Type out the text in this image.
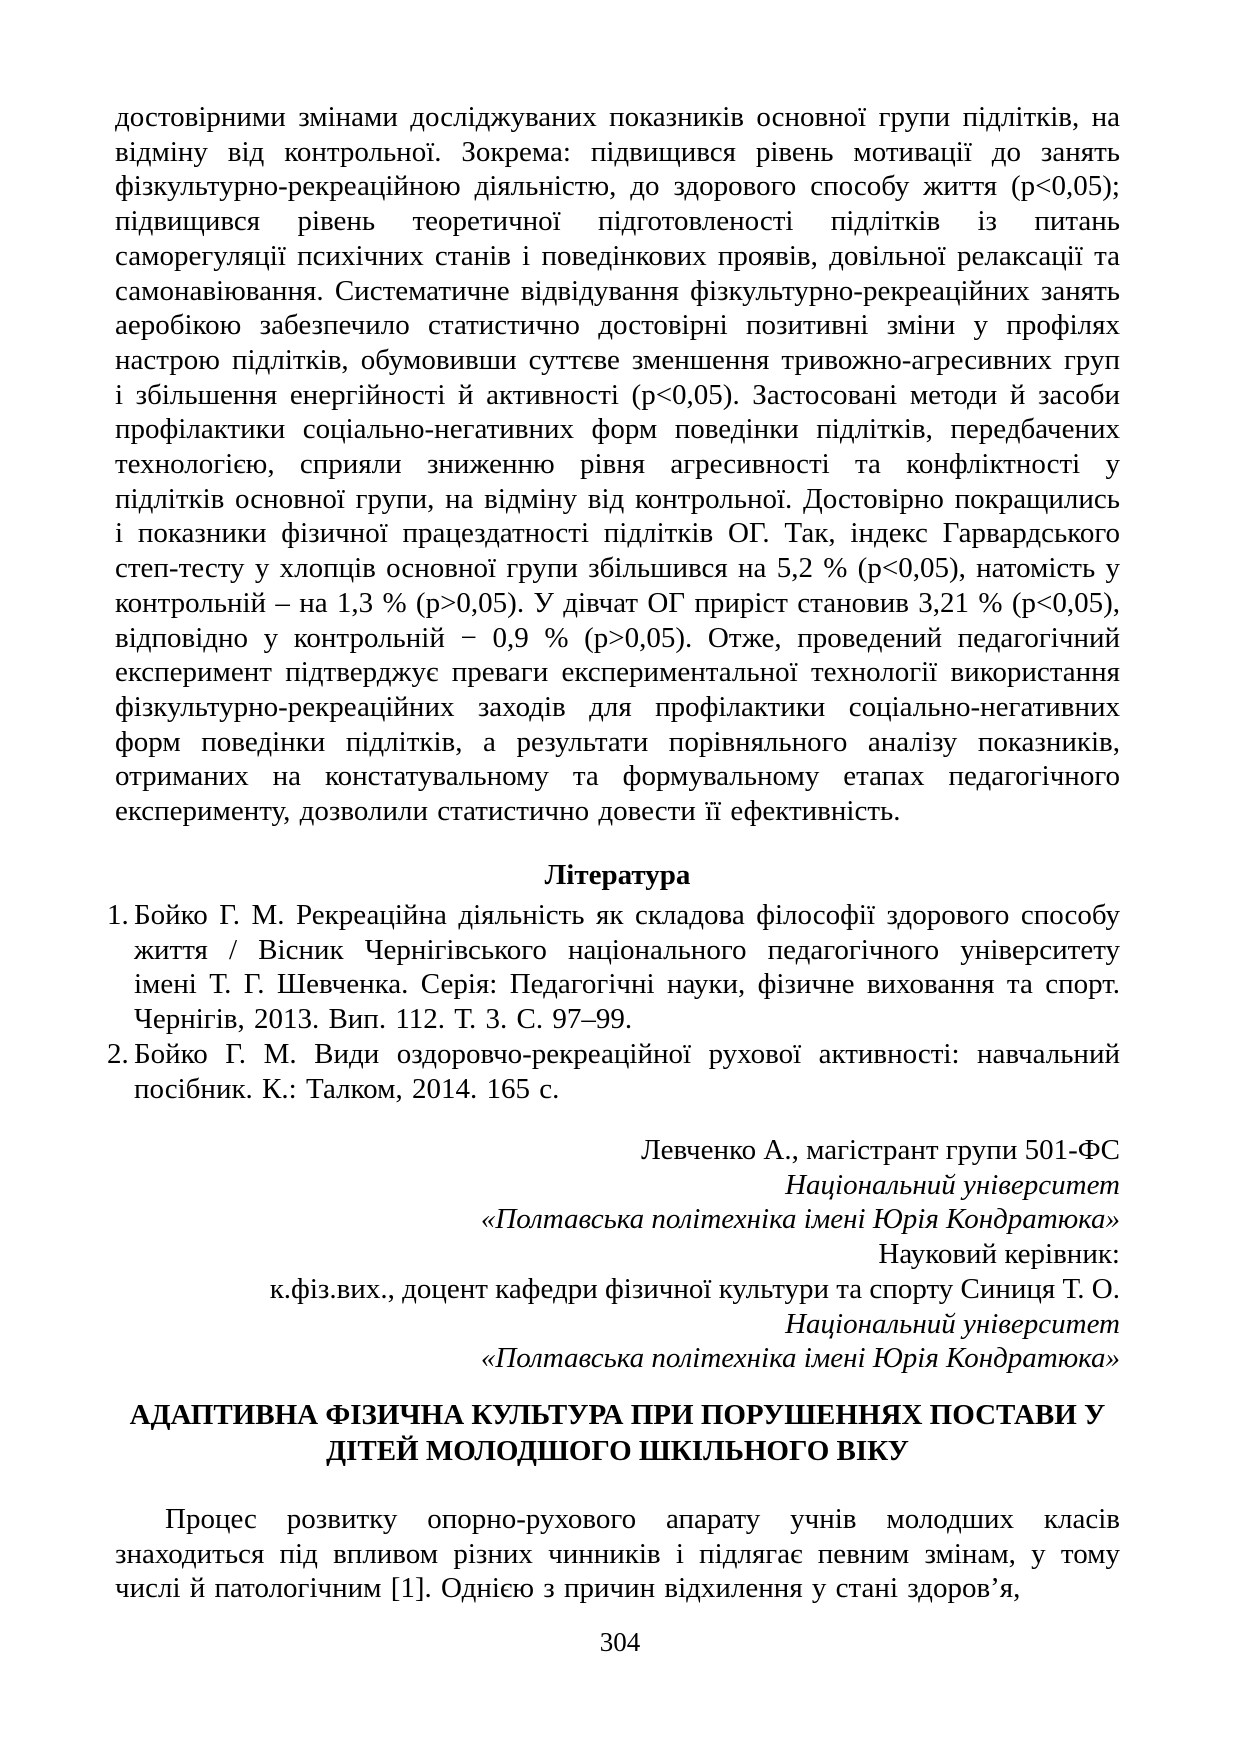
достовірними змінами досліджуваних показників основної групи підлітків, на відміну від контрольної. Зокрема: підвищився рівень мотивації до занять фізкультурно-рекреаційною діяльністю, до здорового способу життя (р<0,05); підвищився рівень теоретичної підготовленості підлітків із питань саморегуляції психічних станів і поведінкових проявів, довільної релаксації та самонавіювання. Систематичне відвідування фізкультурно-рекреаційних занять аеробікою забезпечило статистично достовірні позитивні зміни у профілях настрою підлітків, обумовивши суттєве зменшення тривожно-агресивних груп і збільшення енергійності й активності (р<0,05). Застосовані методи й засоби профілактики соціально-негативних форм поведінки підлітків, передбачених технологією, сприяли зниженню рівня агресивності та конфліктності у підлітків основної групи, на відміну від контрольної. Достовірно покращились і показники фізичної працездатності підлітків ОГ. Так, індекс Гарвардського степ-тесту у хлопців основної групи збільшився на 5,2 % (р<0,05), натомість у контрольній – на 1,3 % (р>0,05). У дівчат ОГ приріст становив 3,21 % (р<0,05), відповідно у контрольній − 0,9 % (р>0,05). Отже, проведений педагогічний експеримент підтверджує преваги експериментальної технології використання фізкультурно-рекреаційних заходів для профілактики соціально-негативних форм поведінки підлітків, а результати порівняльного аналізу показників, отриманих на констатувальному та формувальному етапах педагогічного експерименту, дозволили статистично довести її ефективність.

Література
1. Бойко Г. М. Рекреаційна діяльність як складова філософії здорового способу життя / Вісник Чернігівського національного педагогічного університету імені Т. Г. Шевченка. Серія: Педагогічні науки, фізичне виховання та спорт. Чернігів, 2013. Вип. 112. Т. 3. С. 97–99.
2. Бойко Г. М. Види оздоровчо-рекреаційної рухової активності: навчальний посібник. К.: Талком, 2014. 165 с.
Левченко А., магістрант групи 501-ФС
Національний університет
«Полтавська політехніка імені Юрія Кондратюка»
Науковий керівник:
к.фіз.вих., доцент кафедри фізичної культури та спорту Синиця Т. О.
Національний університет
«Полтавська політехніка імені Юрія Кондратюка»
АДАПТИВНА ФІЗИЧНА КУЛЬТУРА ПРИ ПОРУШЕННЯХ ПОСТАВИ У ДІТЕЙ МОЛОДШОГО ШКІЛЬНОГО ВІКУ

Процес розвитку опорно-рухового апарату учнів молодших класів знаходиться під впливом різних чинників і підлягає певним змінам, у тому числі й патологічним [1]. Однією з причин відхилення у стані здоров’я,

304
